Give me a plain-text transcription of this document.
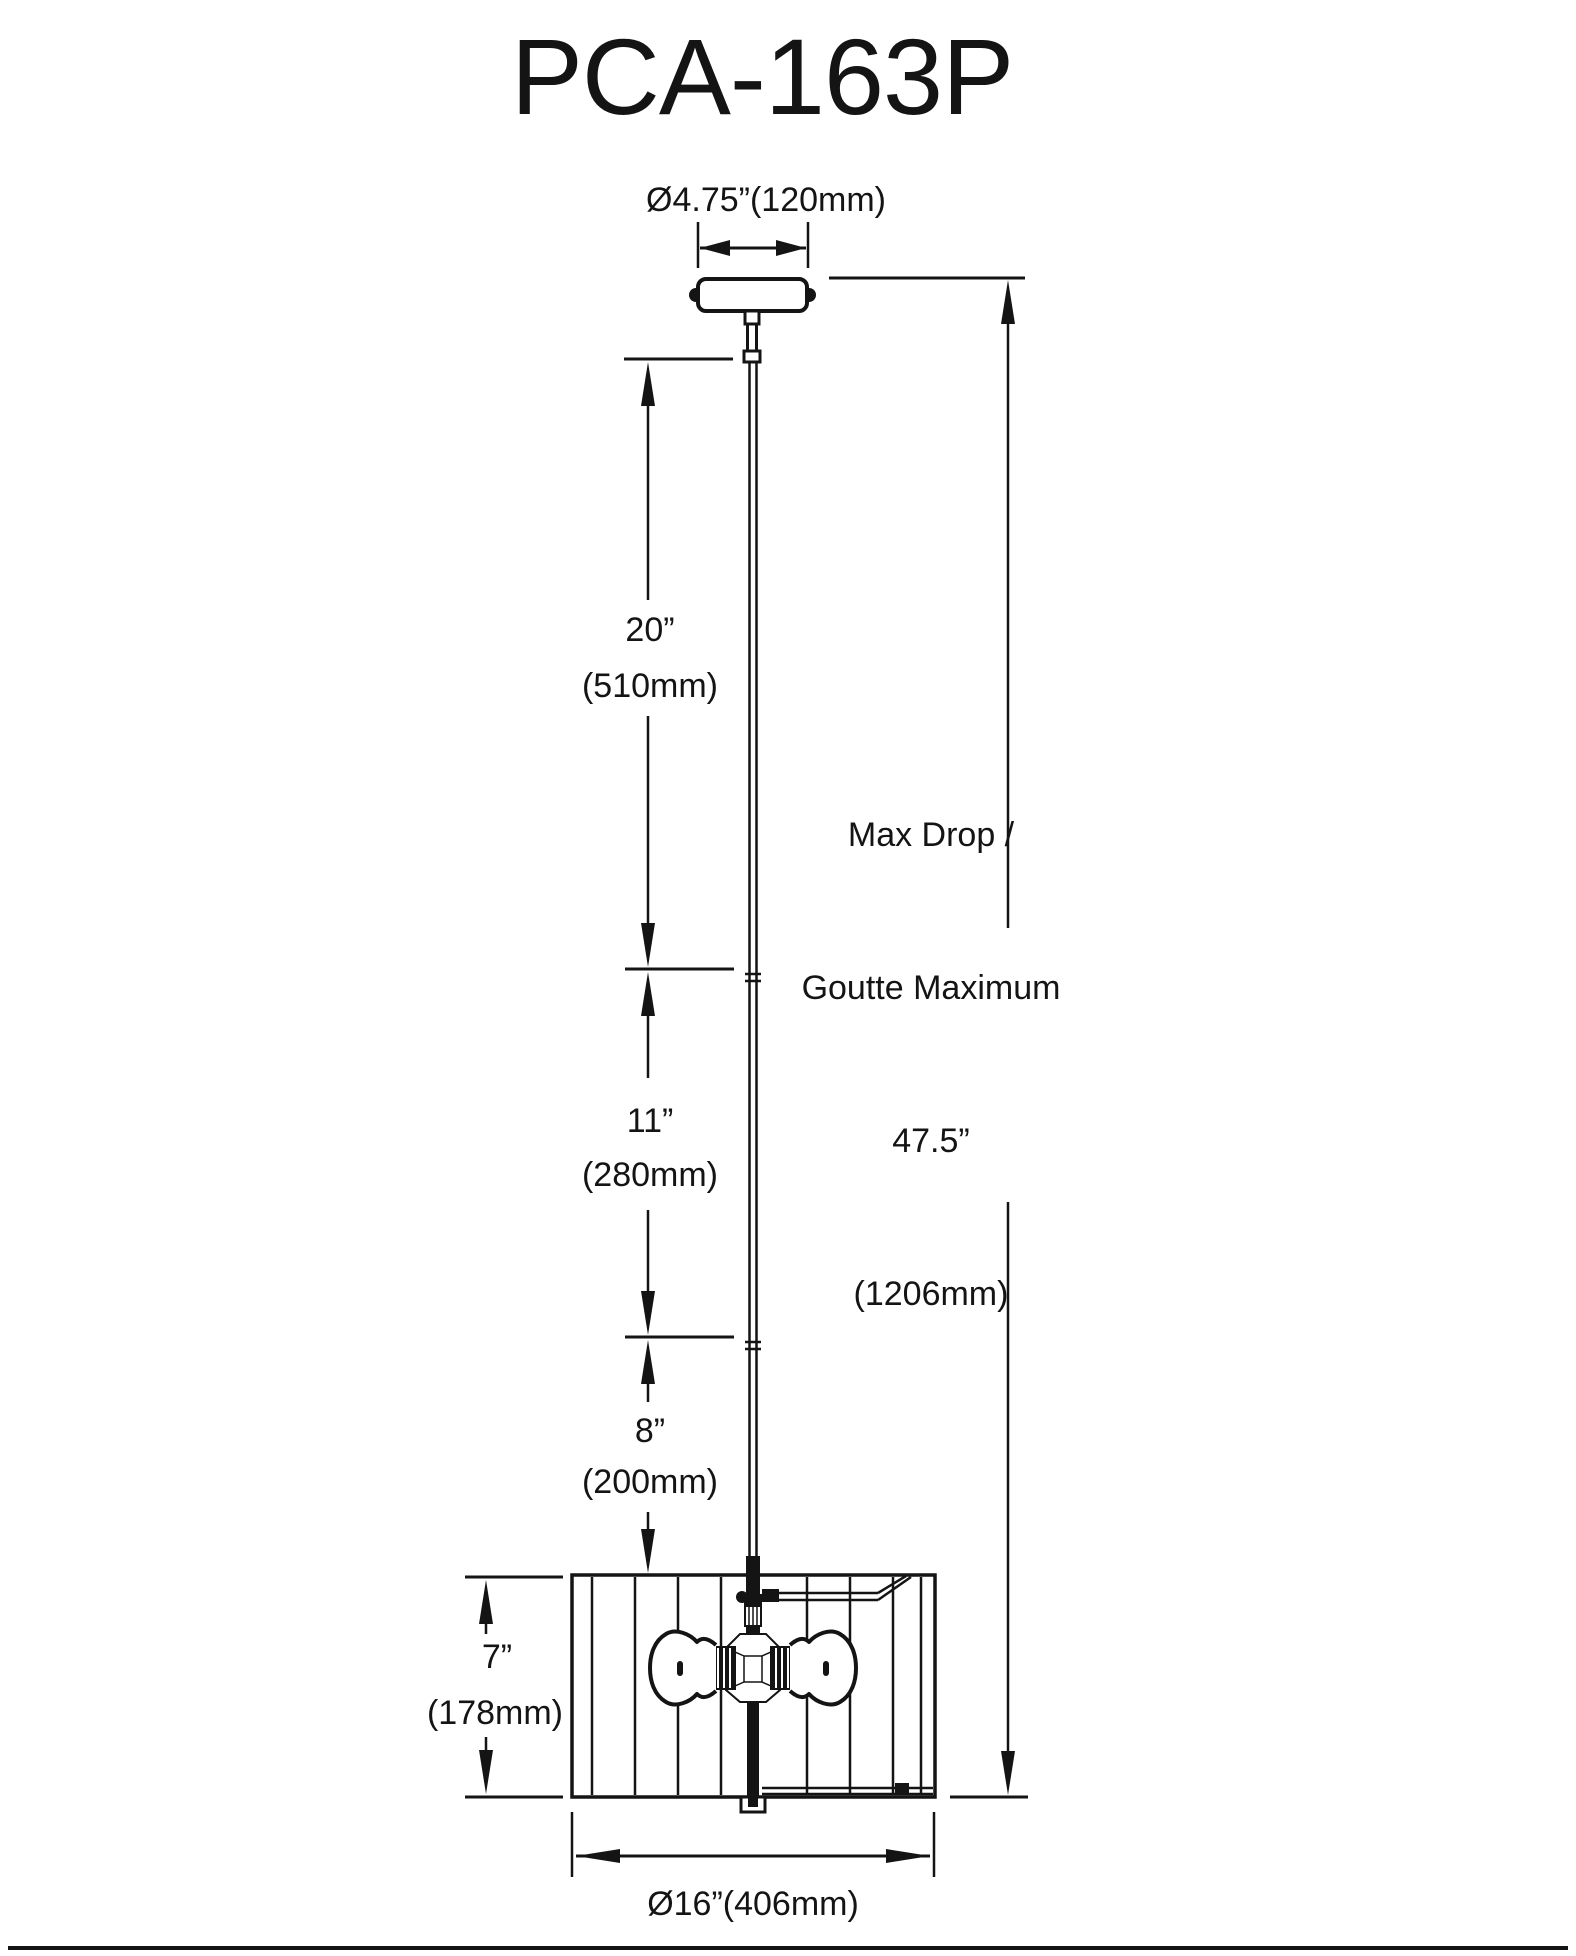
PCA-163P
Ø4.75”(120mm)
20”
(510mm)
11”
(280mm)
8”
(200mm)

Max Drop /

Goutte Maximum

47.5”

(1206mm)

7”
(178mm)
Ø16”(406mm)
